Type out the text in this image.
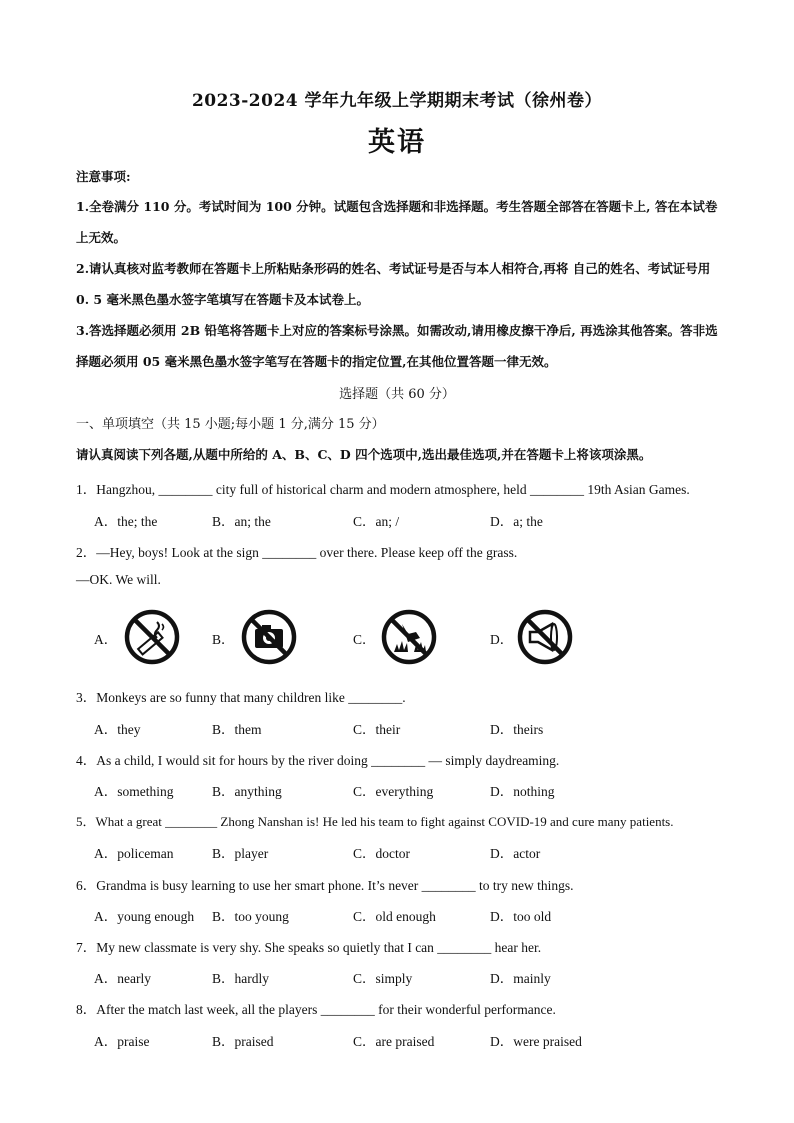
2023-2024 学年九年级上学期期末考试（徐州卷）
英语
注意事项:
1.全卷满分 110 分。考试时间为 100 分钟。试题包含选择题和非选择题。考生答题全部答在答题卡上, 答在本试卷上无效。
2.请认真核对监考教师在答题卡上所粘贴条形码的姓名、考试证号是否与本人相符合,再将 自己的姓名、考试证号用 0. 5 毫米黑色墨水签字笔填写在答题卡及本试卷上。
3.答选择题必须用 2B 铅笔将答题卡上对应的答案标号涂黑。如需改动,请用橡皮擦干净后, 再选涂其他答案。答非选择题必须用 05 毫米黑色墨水签字笔写在答题卡的指定位置,在其他位置答题一律无效。
选择题（共 60 分）
一、单项填空（共 15 小题;每小题 1 分,满分 15 分）
请认真阅读下列各题,从题中所给的 A、B、C、D 四个选项中,选出最佳选项,并在答题卡上将该项涂黑。
1．Hangzhou, ________ city full of historical charm and modern atmosphere, held ________ 19th Asian Games.
A．the; the	B．an; the	C．an; /	D．a; the
2．—Hey, boys! Look at the sign ________ over there. Please keep off the grass.
—OK. We will.
A．	B．	C．	D．
3．Monkeys are so funny that many children like ________.
A．they	B．them	C．their	D．theirs
4．As a child, I would sit for hours by the river doing ________ — simply daydreaming.
A．something	B．anything	C．everything	D．nothing
5．What a great ________ Zhong Nanshan is! He led his team to fight against COVID-19 and cure many patients.
A．policeman	B．player	C．doctor	D．actor
6．Grandma is busy learning to use her smart phone. It’s never ________ to try new things.
A．young enough B．too young	C．old enough	D．too old
7．My new classmate is very shy. She speaks so quietly that I can ________ hear her.
A．nearly	B．hardly	C．simply	D．mainly
8．After the match last week, all the players ________ for their wonderful performance.
A．praise	B．praised	C．are praised	D．were praised
